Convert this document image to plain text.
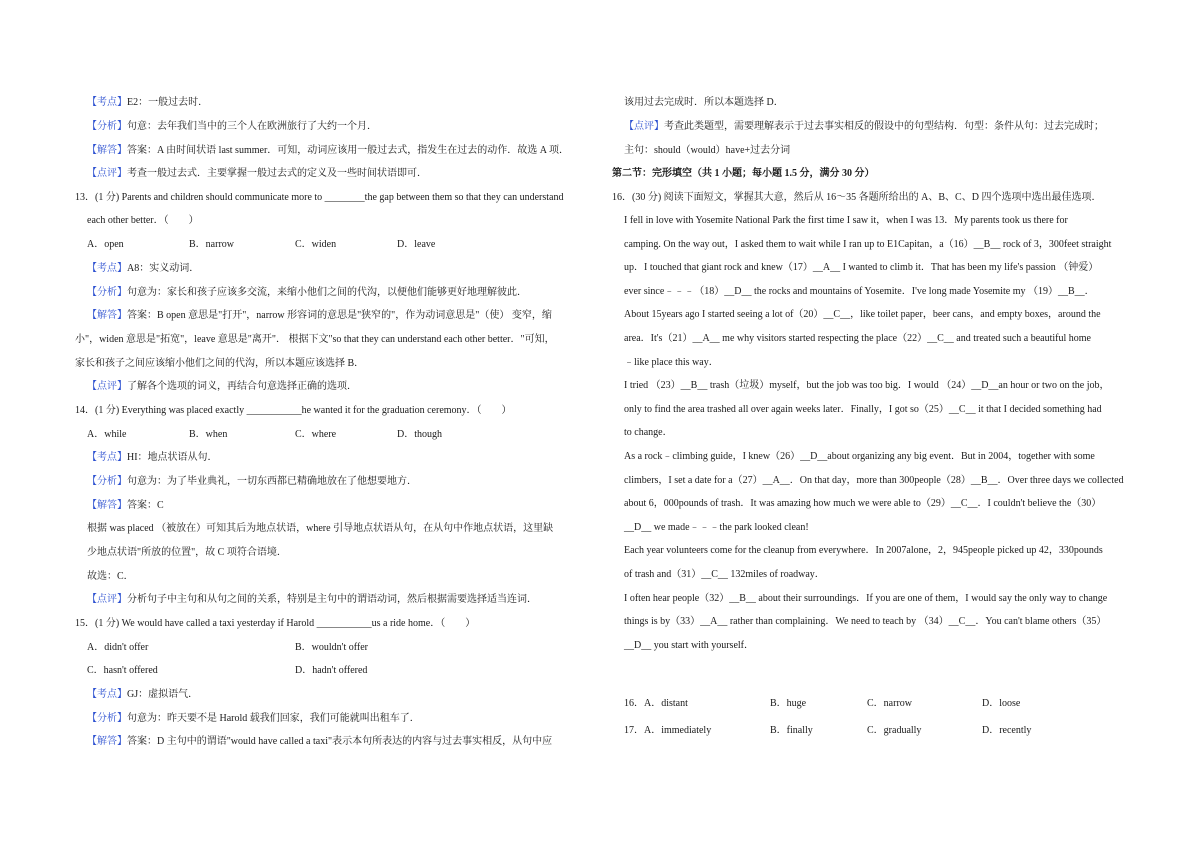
【考点】E2：一般过去时．
【分析】句意：去年我们当中的三个人在欧洲旅行了大约一个月．
【解答】答案：A 由时间状语 last summer．可知，动词应该用一般过去式，指发生在过去的动作．故选 A 项．
【点评】考查一般过去式．主要掌握一般过去式的定义及一些时间状语即可．
13．(1 分) Parents and children should communicate more to ________the gap between them so that they can understand
each other better．（　　）
A．open	B．narrow	C．widen	D．leave
【考点】A8：实义动词．
【分析】句意为：家长和孩子应该多交流，来缩小他们之间的代沟，以便他们能够更好地理解彼此．
【解答】答案：B open 意思是"打开"，narrow 形容词的意思是"狭窄的"，作为动词意思是"（使） 变窄，缩
小"，widen 意思是"拓宽"，leave 意思是"离开"． 根据下文"so that they can understand each other better．"可知，
家长和孩子之间应该缩小他们之间的代沟，所以本题应该选择 B．
【点评】了解各个选项的词义，再结合句意选择正确的选项．
14．(1 分) Everything was placed exactly ___________he wanted it for the graduation ceremony．（　　）
A．while	B．when	C．where	D．though
【考点】HI：地点状语从句．
【分析】句意为：为了毕业典礼，一切东西都已精确地放在了他想要地方．
【解答】答案：C
根据 was placed （被放在）可知其后为地点状语，where 引导地点状语从句，在从句中作地点状语，这里缺
少地点状语"所放的位置"，故 C 项符合语境．
故选：C．
【点评】分析句子中主句和从句之间的关系，特别是主句中的谓语动词，然后根据需要选择适当连词．
15．(1 分) We would have called a taxi yesterday if Harold ___________us a ride home．（　　）
A．didn't offer	B．wouldn't offer
C．hasn't offered	D．hadn't offered
【考点】GJ：虚拟语气．
【分析】句意为：昨天要不是 Harold 载我们回家，我们可能就叫出租车了．
【解答】答案：D 主句中的谓语"would have called a taxi"表示本句所表达的内容与过去事实相反，从句中应
该用过去完成时．所以本题选择 D．
【点评】考查此类题型，需要理解表示于过去事实相反的假设中的句型结构．句型：条件从句：过去完成时；
主句：should（would）have+过去分词
第二节：完形填空（共 1 小题；每小题 1.5 分，满分 30 分）
16．(30 分) 阅读下面短文，掌握其大意，然后从 16～35 各题所给出的 A、B、C、D 四个选项中选出最佳选项．
I fell in love with Yosemite National Park the first time I saw it，when I was 13．My parents took us there for
camping. On the way out，I asked them to wait while I ran up to E1Capitan，a（16）__B__ rock of 3，300feet straight
up．I touched that giant rock and knew（17）__A__ I wanted to climb it．That has been my life's passion （钟爱）
ever since﹣﹣﹣（18）__D__ the rocks and mountains of Yosemite．I've long made Yosemite my （19）__B__．
About 15years ago I started seeing a lot of（20）__C__，like toilet paper，beer cans，and empty boxes，around the
area．It's（21）__A__ me why visitors started respecting the place（22）__C__ and treated such a beautiful home
﹣like place this way．
I tried （23）__B__ trash（垃圾）myself，but the job was too big．I would （24）__D__an hour or two on the job，
only to find the area trashed all over again weeks later．Finally，I got so（25）__C__ it that I decided something had
to change．
As a rock﹣climbing guide，I knew（26）__D__about organizing any big event．But in 2004，together with some
climbers，I set a date for a（27）__A__．On that day，more than 300people（28）__B__．Over three days we collected
about 6，000pounds of trash．It was amazing how much we were able to（29）__C__．I couldn't believe the（30）
__D__ we made﹣﹣﹣the park looked clean!
Each year volunteers come for the cleanup from everywhere．In 2007alone，2，945people picked up 42，330pounds
of trash and（31）__C__ 132miles of roadway．
I often hear people（32）__B__ about their surroundings．If you are one of them，I would say the only way to change
things is by（33）__A__ rather than complaining．We need to teach by （34）__C__．You can't blame others（35）
__D__ you start with yourself．
16．A．distant	B．huge	C．narrow	D．loose
17．A．immediately	B．finally	C．gradually	D．recently
